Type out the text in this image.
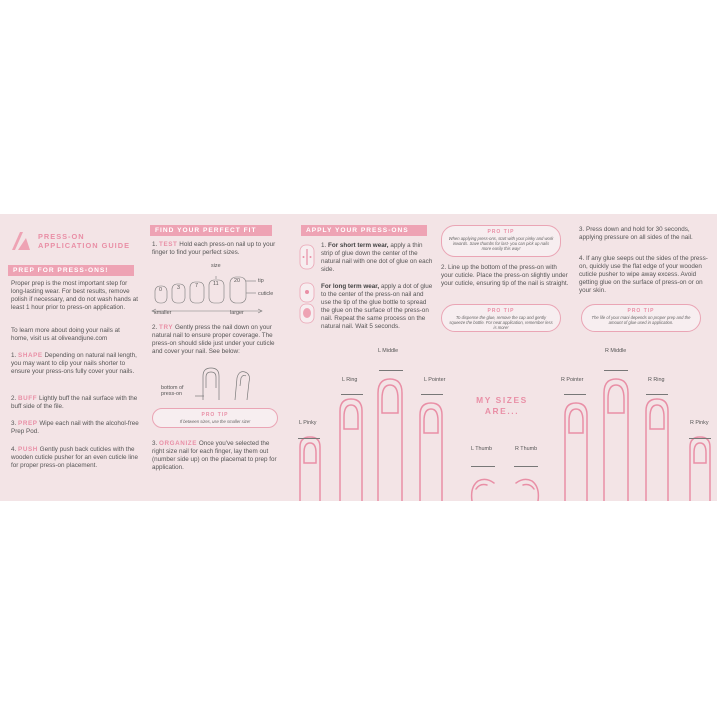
PRESS-ON
APPLICATION GUIDE
PREP FOR PRESS-ONS!
Proper prep is the most important step for long-lasting wear. For best results, remove polish if necessary, and do not wash hands at least 1 hour prior to press-on application.
To learn more about doing your nails at home, visit us at oliveandjune.com
1. SHAPE Depending on natural nail length, you may want to clip your nails shorter to ensure your press-ons fully cover your nails.
2. BUFF Lightly buff the nail surface with the buff side of the file.
3. PREP Wipe each nail with the alcohol-free Prep Pod.
4. PUSH Gently push back cuticles with the wooden cuticle pusher for an even cuticle line for proper press-on placement.
FIND YOUR PERFECT FIT
1. TEST Hold each press-on nail up to your finger to find your perfect sizes.
size
0	3	7	11	20	tip
cuticle
smaller	larger
2. TRY Gently press the nail down on your natural nail to ensure proper coverage. The press-on should slide just under your cuticle and cover your nail. See below:
bottom of press-on
PRO TIP
If between sizes, use the smaller size!
3. ORGANIZE Once you've selected the right size nail for each finger, lay them out (number side up) on the placemat to prep for application.
APPLY YOUR PRESS-ONS
1. For short term wear, apply a thin strip of glue down the center of the natural nail with one dot of glue on each side.
For long term wear, apply a dot of glue to the center of the press-on nail and use the tip of the glue bottle to spread the glue on the surface of the press-on nail. Repeat the same process on the natural nail. Wait 5 seconds.
PRO TIP
When applying press-ons, start with your pinky and work inwards. Save thumbs for last- you can pick up nails more easily this way!
2. Line up the bottom of the press-on with your cuticle. Place the press-on slightly under your cuticle, ensuring tip of the nail is straight.
PRO TIP
To dispense the glue, remove the cap and gently squeeze the bottle. For neat application, remember less is more!
3. Press down and hold for 30 seconds, applying pressure on all sides of the nail.
4. If any glue seeps out the sides of the press-on, quickly use the flat edge of your wooden cuticle pusher to wipe away excess. Avoid getting glue on the surface of press-on or on your skin.
PRO TIP
The life of your mani depends on proper prep and the amount of glue used in application.
MY SIZES
ARE...
L Pinky
L Ring
L Middle
L Pointer
L Thumb	R Thumb
R Pointer
R Middle
R Ring
R Pinky
